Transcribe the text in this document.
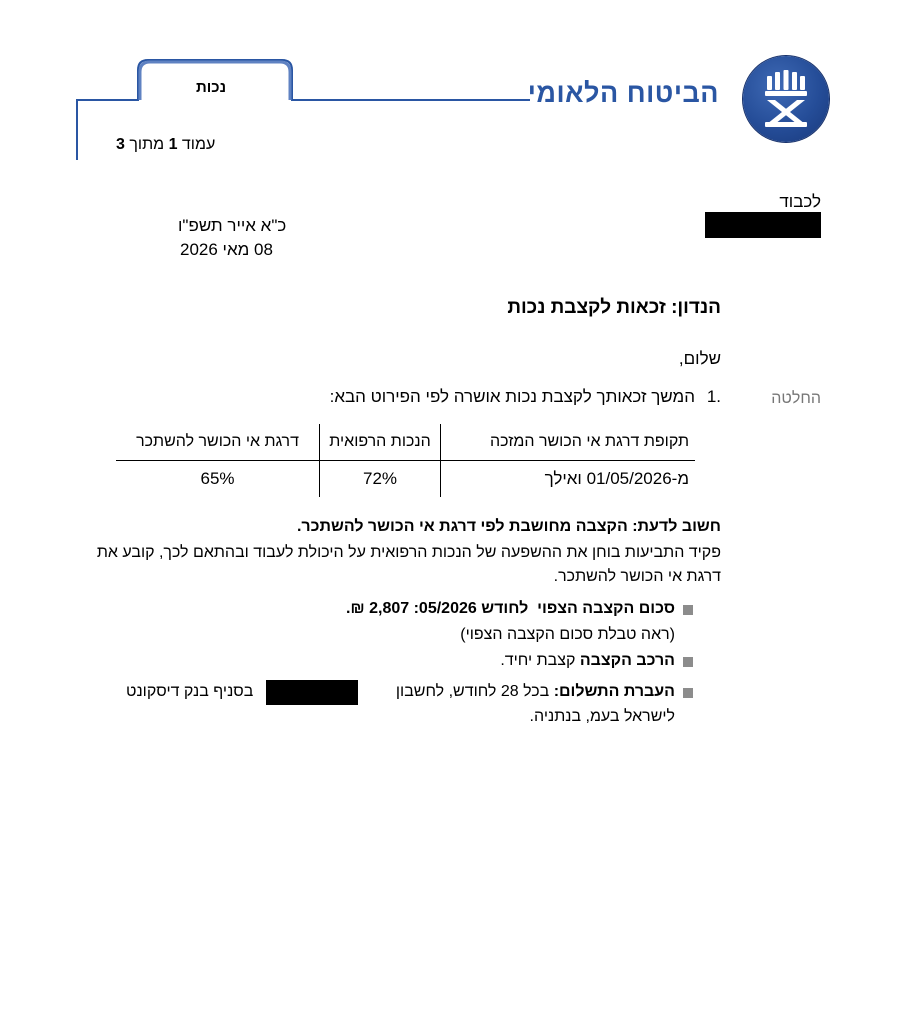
נכות
עמוד 1 מתוך 3
הביטוח הלאומי
לכבוד
כ"א אייר תשפ"ו
08 מאי 2026
הנדון: זכאות לקצבת נכות
שלום,
החלטה
1.
המשך זכאותך לקצבת נכות אושרה לפי הפירוט הבא:
תקופת דרגת אי הכושר המזכה	הנכות הרפואית	דרגת אי הכושר להשתכר
מ-01/05/2026 ואילך	72%	65%
חשוב לדעת: הקצבה מחושבת לפי דרגת אי הכושר להשתכר.
פקיד התביעות בוחן את ההשפעה של הנכות הרפואית על היכולת לעבוד ובהתאם לכך, קובע את דרגת אי הכושר להשתכר.
סכום הקצבה הצפוי  לחודש 05/2026: 2,807 ₪.
(ראה טבלת סכום הקצבה הצפוי)
הרכב הקצבה קצבת יחיד.
העברת התשלום: בכל 28 לחודש, לחשבון
בסניף בנק דיסקונט
לישראל בעמ, בנתניה.
